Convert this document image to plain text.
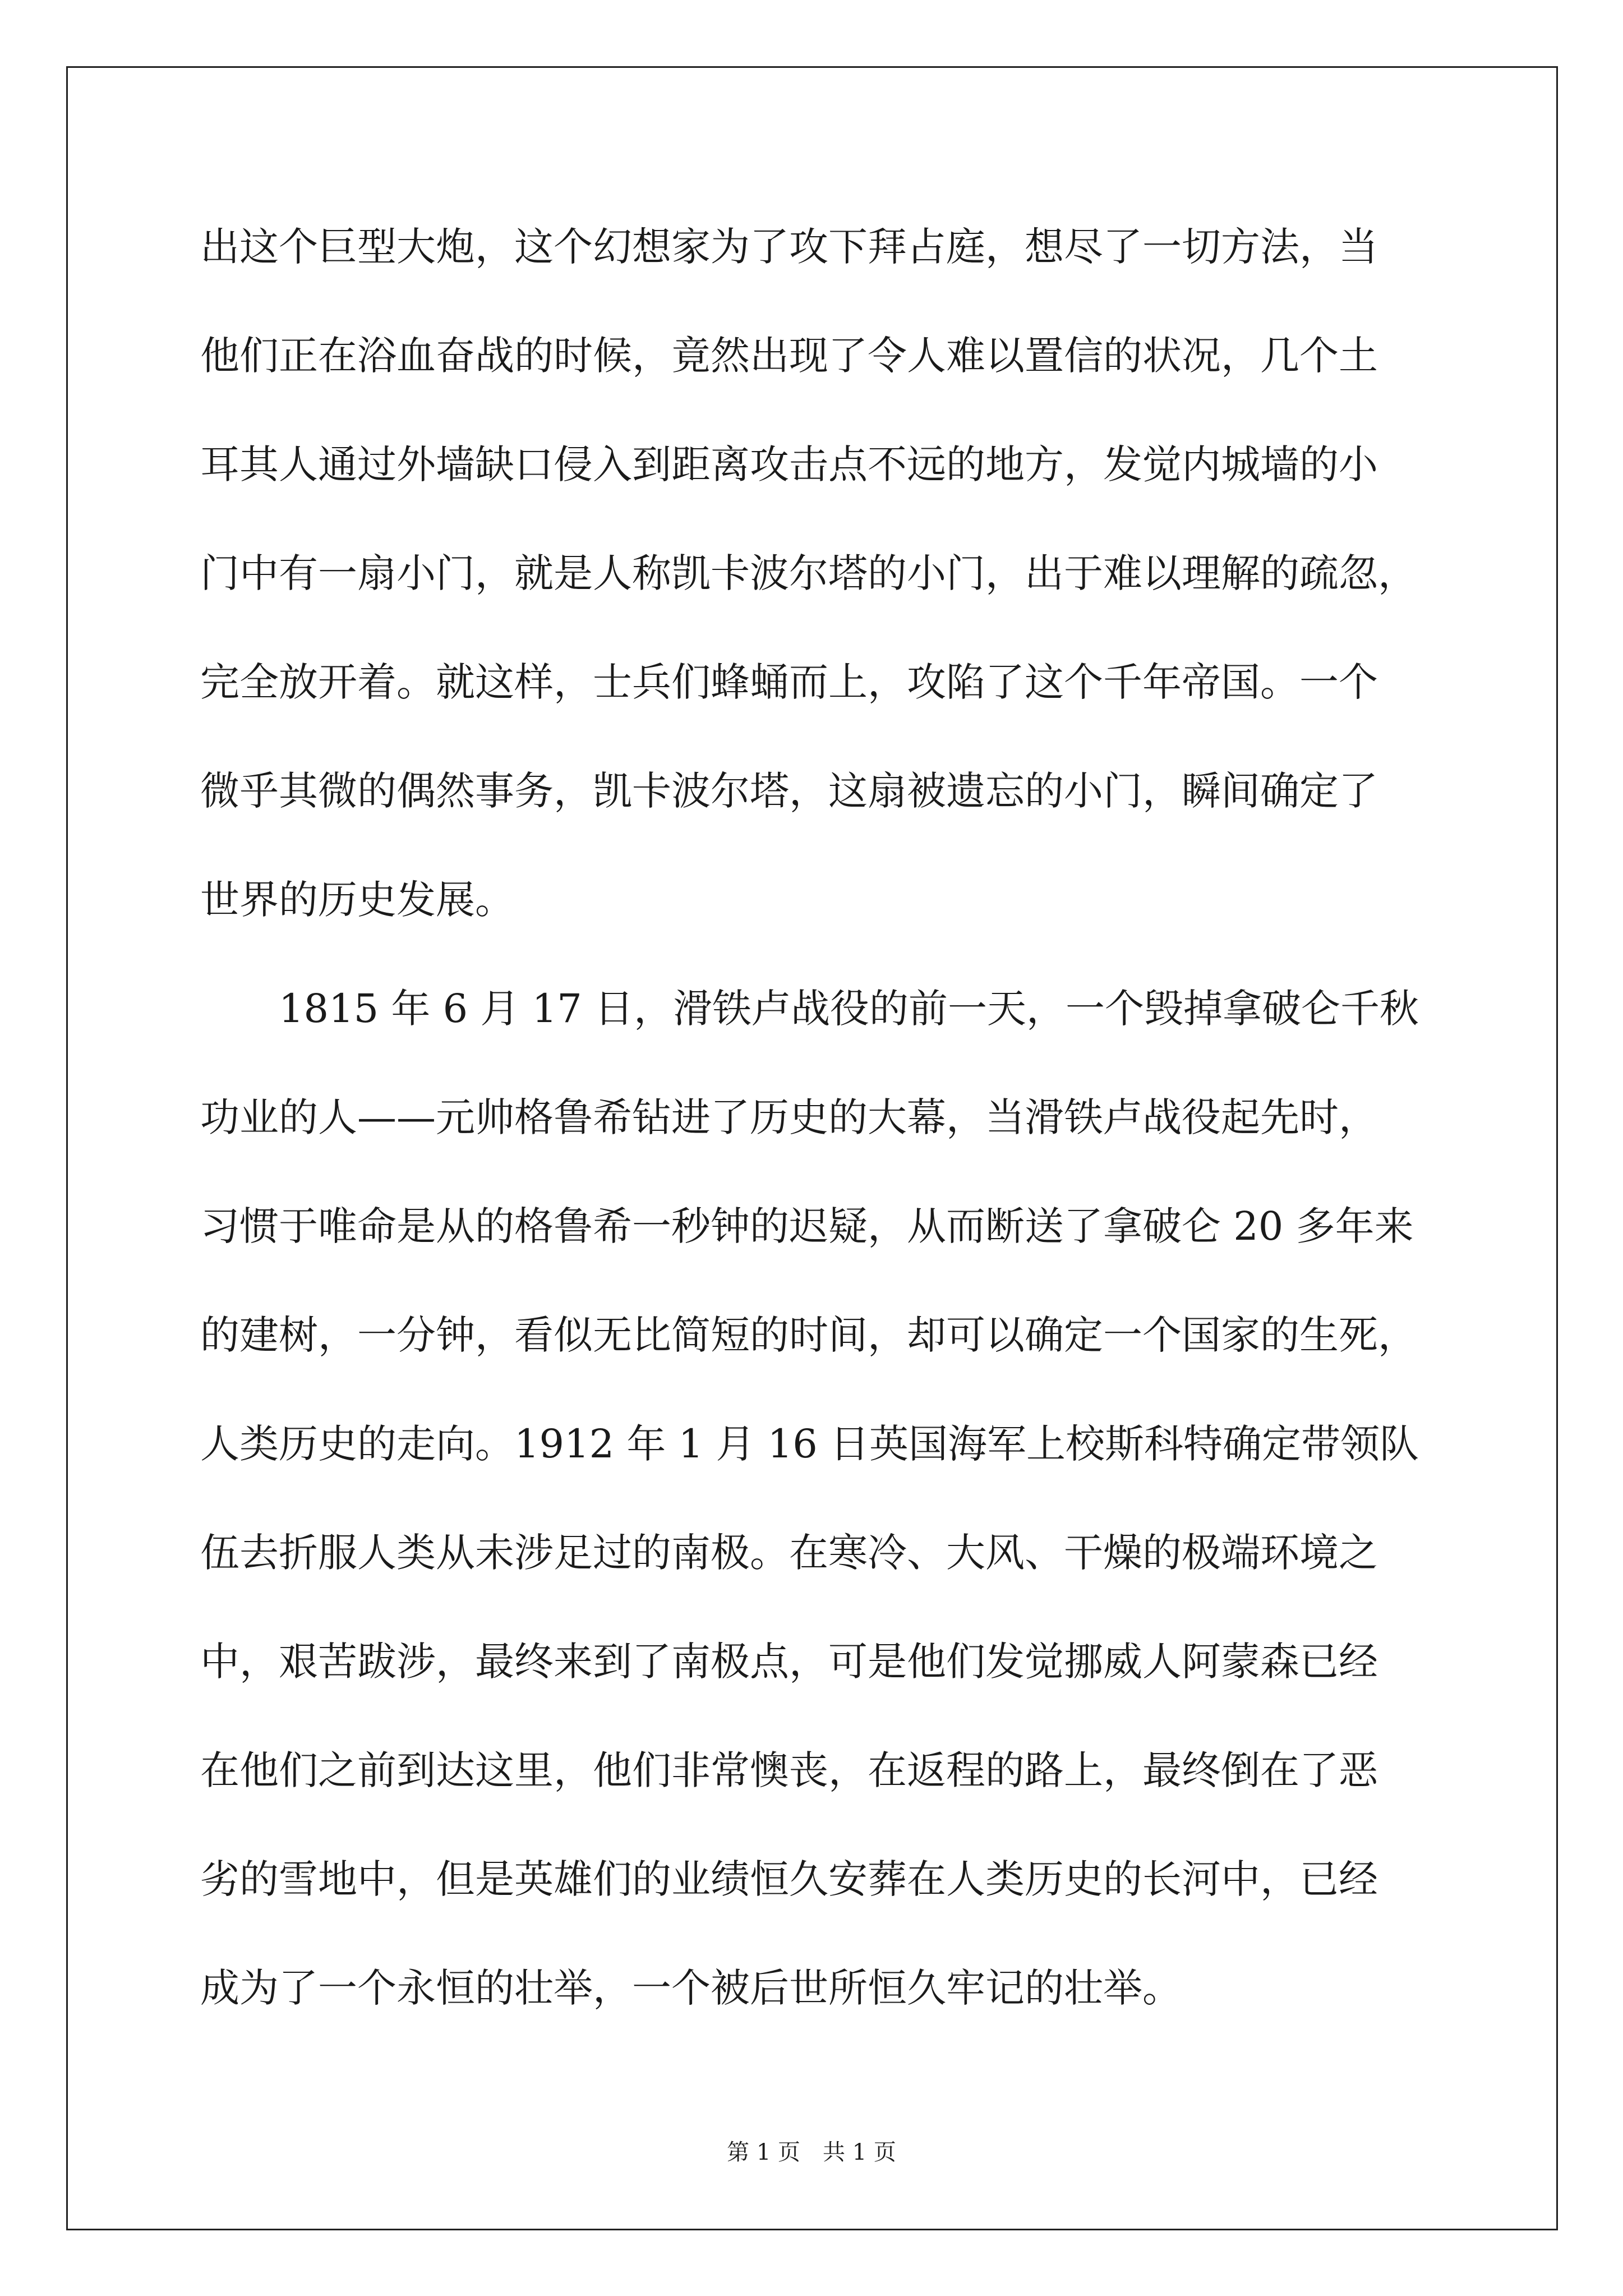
出这个巨型大炮，这个幻想家为了攻下拜占庭，想尽了一切方法，当
他们正在浴血奋战的时候，竟然出现了令人难以置信的状况，几个土
耳其人通过外墙缺口侵入到距离攻击点不远的地方，发觉内城墙的小
门中有一扇小门，就是人称凯卡波尔塔的小门，出于难以理解的疏忽，
完全放开着。就这样，士兵们蜂蛹而上，攻陷了这个千年帝国。一个
微乎其微的偶然事务，凯卡波尔塔，这扇被遗忘的小门，瞬间确定了
世界的历史发展。
　　1815 年 6 月 17 日，滑铁卢战役的前一天，一个毁掉拿破仑千秋
功业的人——元帅格鲁希钻进了历史的大幕，当滑铁卢战役起先时，
习惯于唯命是从的格鲁希一秒钟的迟疑，从而断送了拿破仑 20 多年来
的建树，一分钟，看似无比简短的时间，却可以确定一个国家的生死，
人类历史的走向。1912 年 1 月 16 日英国海军上校斯科特确定带领队
伍去折服人类从未涉足过的南极。在寒冷、大风、干燥的极端环境之
中，艰苦跋涉，最终来到了南极点，可是他们发觉挪威人阿蒙森已经
在他们之前到达这里，他们非常懊丧，在返程的路上，最终倒在了恶
劣的雪地中，但是英雄们的业绩恒久安葬在人类历史的长河中，已经
成为了一个永恒的壮举，一个被后世所恒久牢记的壮举。
第 1 页　共 1 页
